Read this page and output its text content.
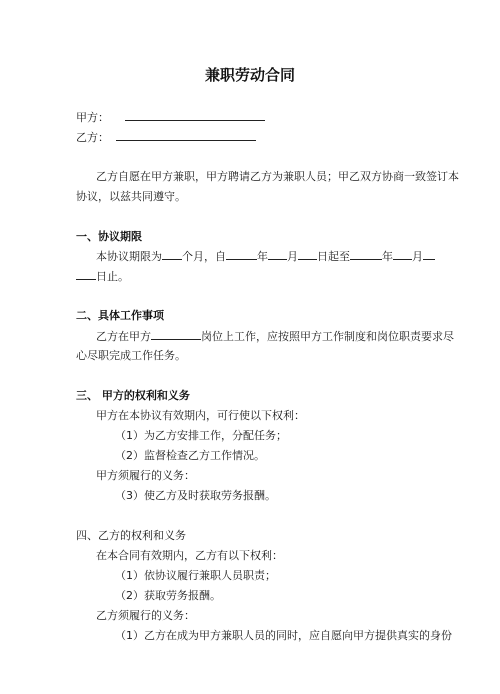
兼职劳动合同
甲方：
乙方：
乙方自愿在甲方兼职，甲方聘请乙方为兼职人员；甲乙双方协商一致签订本
协议，以兹共同遵守。
一、协议期限
本协议期限为 个月，自	年 月 日起至	年 月
日止。
二、具体工作事项
乙方在甲方	岗位上工作，应按照甲方工作制度和岗位职责要求尽
心尽职完成工作任务。
三、 甲方的权利和义务
甲方在本协议有效期内，可行使以下权利：
（1）为乙方安排工作，分配任务；
（2）监督检查乙方工作情况。
甲方须履行的义务：
（3）使乙方及时获取劳务报酬。
四、乙方的权利和义务
在本合同有效期内，乙方有以下权利：
（1）依协议履行兼职人员职责；
（2）获取劳务报酬。
乙方须履行的义务：
（1）乙方在成为甲方兼职人员的同时，应自愿向甲方提供真实的身份
